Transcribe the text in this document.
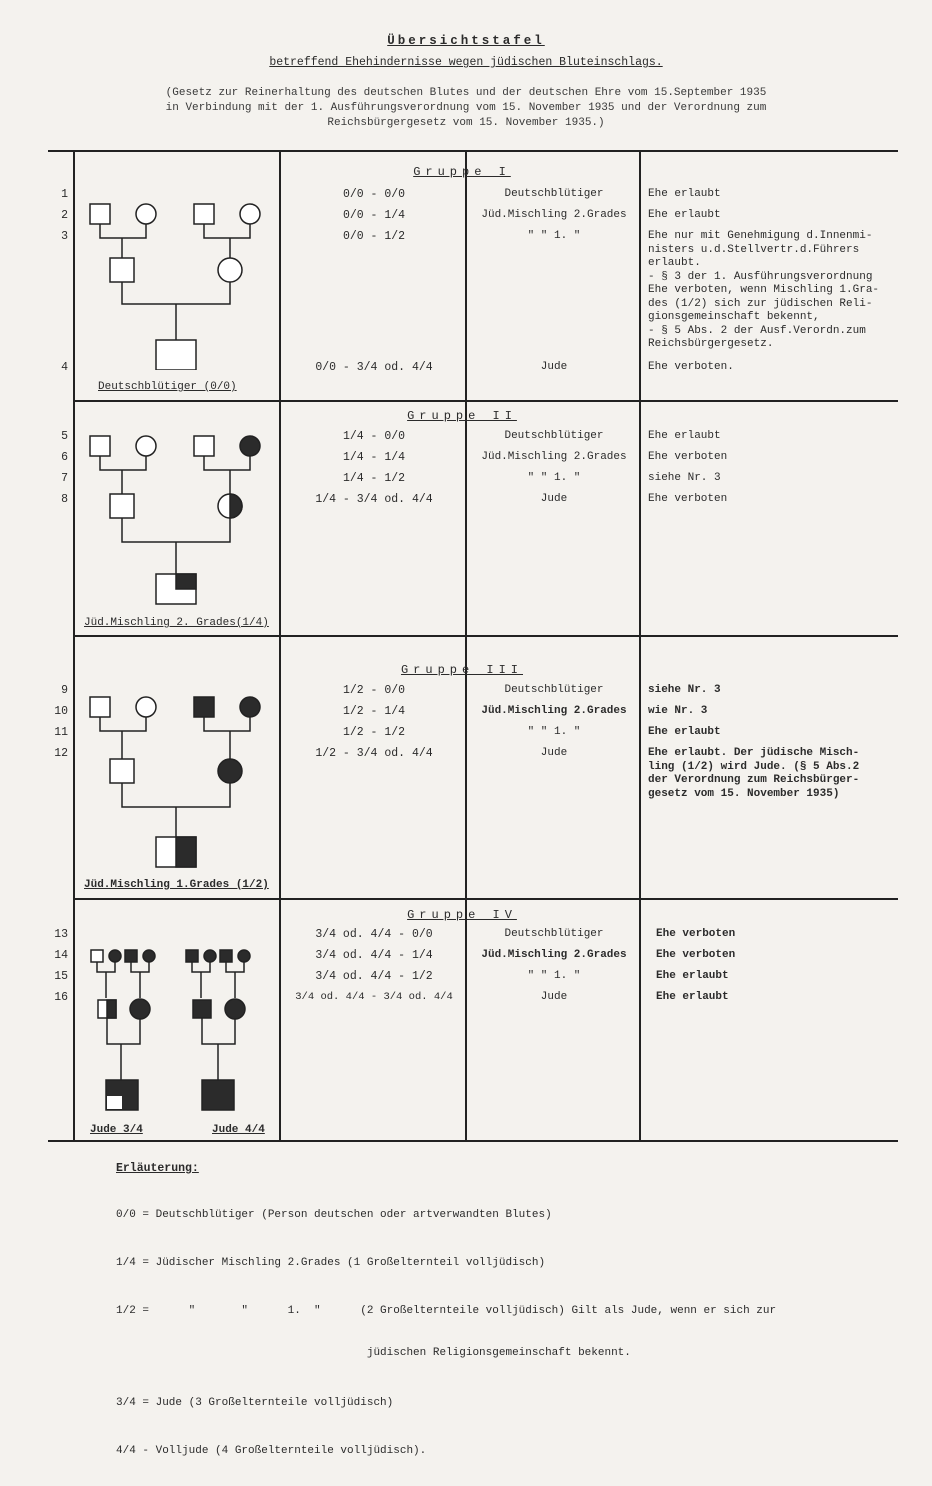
Übersichtstafel
betreffend Ehehindernisse wegen jüdischen Bluteinschlags.
(Gesetz zur Reinerhaltung des deutschen Blutes und der deutschen Ehre vom 15.September 1935
in Verbindung mit der 1. Ausführungsverordnung vom 15. November 1935 und der Verordnung zum
Reichsbürgergesetz vom 15. November 1935.)
Gruppe I
Deutschblütiger (0/0)
1	0/0 - 0/0	Deutschblütiger	Ehe erlaubt
2	0/0 - 1/4	Jüd.Mischling 2.Grades	Ehe erlaubt
3	0/0 - 1/2	" " 1. "	Ehe nur mit Genehmigung d.Innenmi-
nisters u.d.Stellvertr.d.Führers
erlaubt.
- § 3 der 1. Ausführungsverordnung
Ehe verboten, wenn Mischling 1.Gra-
des (1/2) sich zur jüdischen Reli-
gionsgemeinschaft bekennt,
- § 5 Abs. 2 der Ausf.Verordn.zum
Reichsbürgergesetz.
4	0/0 - 3/4 od. 4/4	Jude	Ehe verboten.
Gruppe II
Jüd.Mischling 2. Grades(1/4)
5	1/4 - 0/0	Deutschblütiger	Ehe erlaubt
6	1/4 - 1/4	Jüd.Mischling 2.Grades	Ehe verboten
7	1/4 - 1/2	" " 1. "	siehe Nr. 3
8	1/4 - 3/4 od. 4/4	Jude	Ehe verboten
Gruppe III
Jüd.Mischling 1.Grades (1/2)
9	1/2 - 0/0	Deutschblütiger	siehe Nr. 3
10	1/2 - 1/4	Jüd.Mischling 2.Grades	wie Nr. 3
11	1/2 - 1/2	" " 1. "	Ehe erlaubt
12	1/2 - 3/4 od. 4/4	Jude	Ehe erlaubt. Der jüdische Misch-
ling (1/2) wird Jude. (§ 5 Abs.2
der Verordnung zum Reichsbürger-
gesetz vom 15. November 1935)
Gruppe IV
Jude 3/4	Jude 4/4
13	3/4 od. 4/4 - 0/0	Deutschblütiger	Ehe verboten
14	3/4 od. 4/4 - 1/4	Jüd.Mischling 2.Grades	Ehe verboten
15	3/4 od. 4/4 - 1/2	" " 1. "	Ehe erlaubt
16	3/4 od. 4/4 - 3/4 od. 4/4	Jude	Ehe erlaubt
Erläuterung:

0/0 = Deutschblütiger (Person deutschen oder artverwandten Blutes)

1/4 = Jüdischer Mischling 2.Grades (1 Großelternteil volljüdisch)

1/2 =      "       "      1.  "      (2 Großelternteile volljüdisch) Gilt als Jude, wenn er sich zur

jüdischen Religionsgemeinschaft bekennt.

3/4 = Jude (3 Großelternteile volljüdisch)

4/4 - Volljude (4 Großelternteile volljüdisch).
